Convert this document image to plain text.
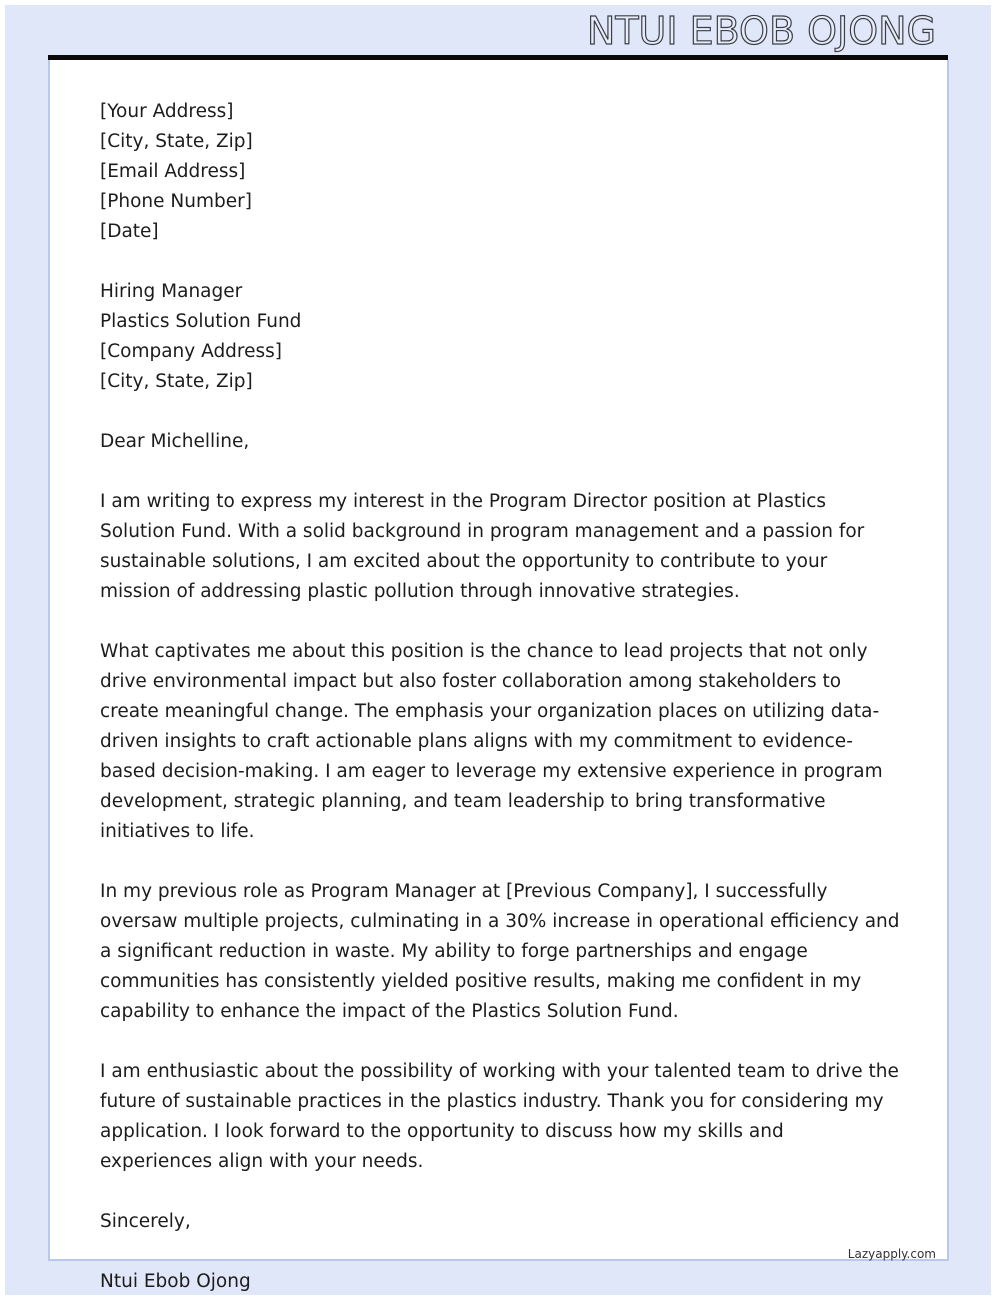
NTUI EBOB OJONG
[Your Address]
[City, State, Zip]
[Email Address]
[Phone Number]
[Date]
Hiring Manager
Plastics Solution Fund
[Company Address]
[City, State, Zip]
Dear Michelline,

I am writing to express my interest in the Program Director position at Plastics Solution Fund. With a solid background in program management and a passion for sustainable solutions, I am excited about the opportunity to contribute to your mission of addressing plastic pollution through innovative strategies.

What captivates me about this position is the chance to lead projects that not only drive environmental impact but also foster collaboration among stakeholders to create meaningful change. The emphasis your organization places on utilizing data-driven insights to craft actionable plans aligns with my commitment to evidence-based decision-making. I am eager to leverage my extensive experience in program development, strategic planning, and team leadership to bring transformative initiatives to life.

In my previous role as Program Manager at [Previous Company], I successfully oversaw multiple projects, culminating in a 30% increase in operational efficiency and a significant reduction in waste. My ability to forge partnerships and engage communities has consistently yielded positive results, making me confident in my capability to enhance the impact of the Plastics Solution Fund.

I am enthusiastic about the possibility of working with your talented team to drive the future of sustainable practices in the plastics industry. Thank you for considering my application. I look forward to the opportunity to discuss how my skills and experiences align with your needs.

Sincerely,
Lazyapply.com
Ntui Ebob Ojong
